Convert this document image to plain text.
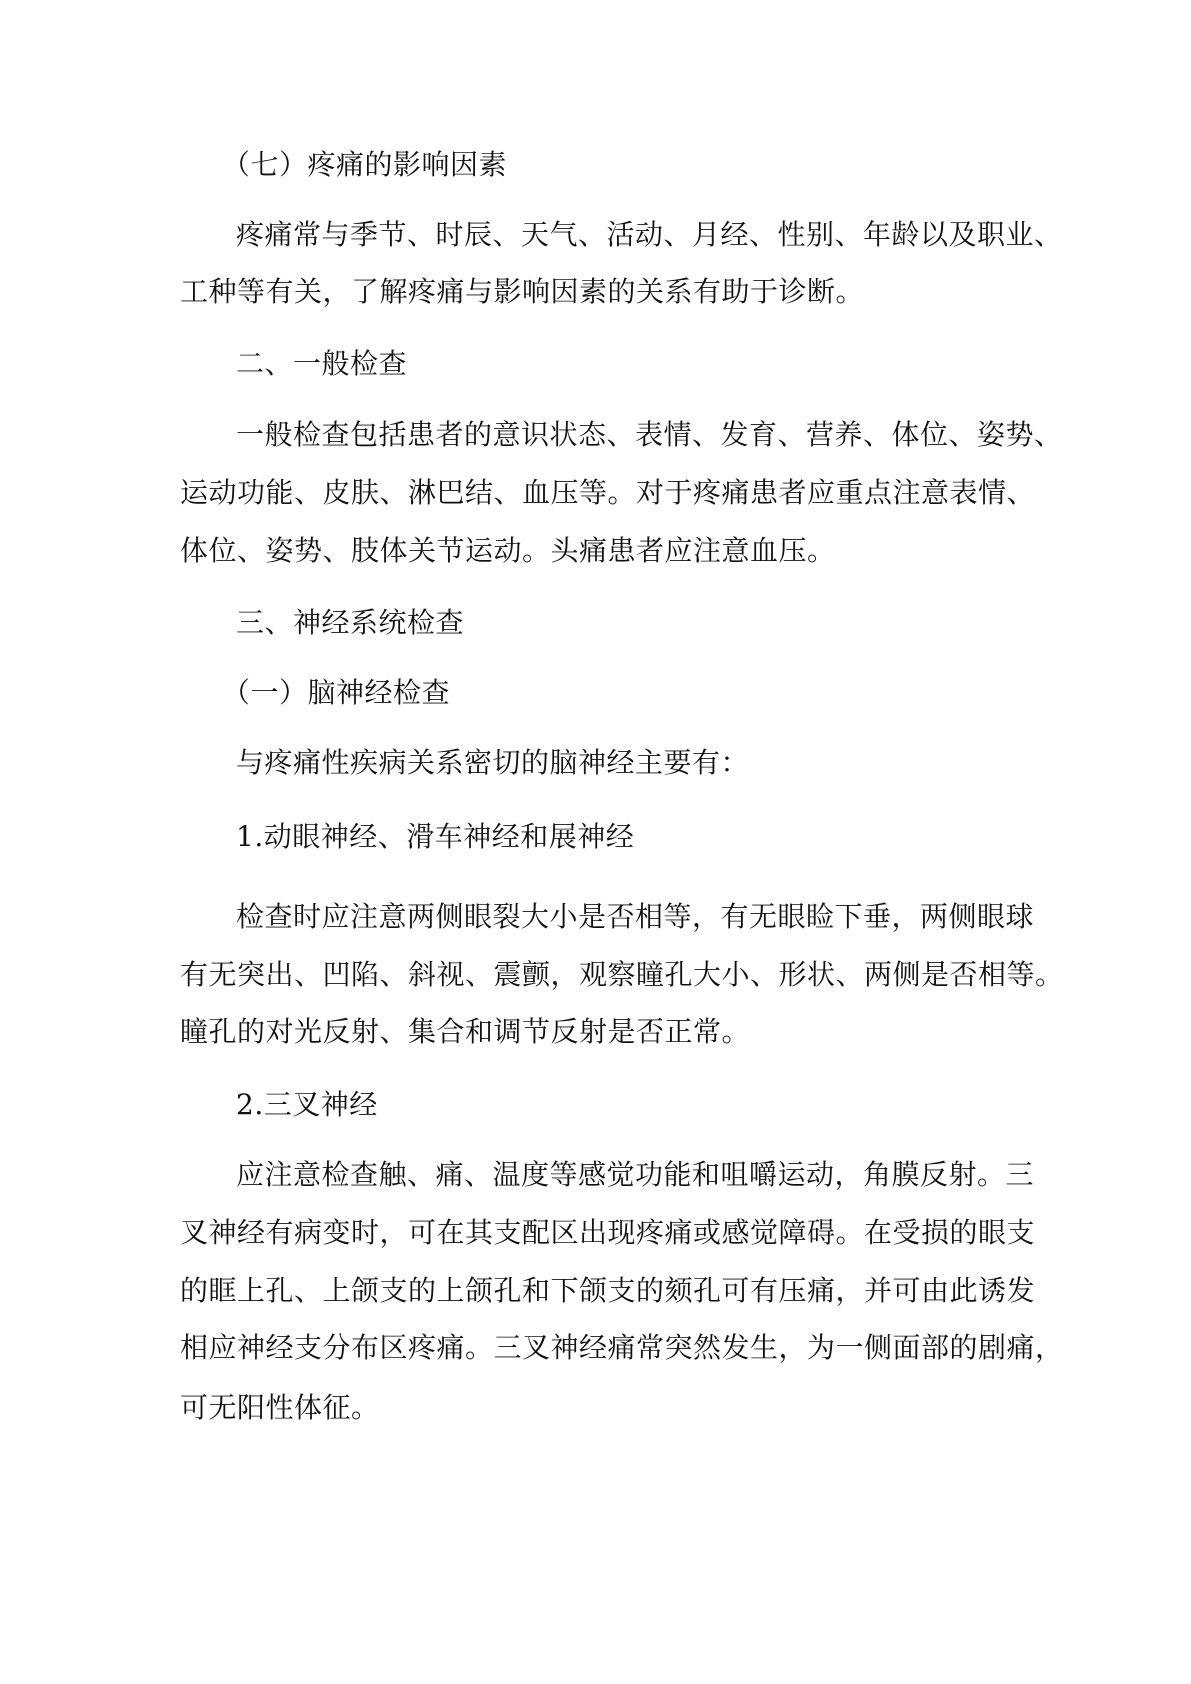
（七）疼痛的影响因素
疼痛常与季节、时辰、天气、活动、月经、性别、年龄以及职业、
工种等有关，了解疼痛与影响因素的关系有助于诊断。
二、一般检查
一般检查包括患者的意识状态、表情、发育、营养、体位、姿势、
运动功能、皮肤、淋巴结、血压等。对于疼痛患者应重点注意表情、
体位、姿势、肢体关节运动。头痛患者应注意血压。
三、神经系统检查
（一）脑神经检查
与疼痛性疾病关系密切的脑神经主要有：
1.动眼神经、滑车神经和展神经
检查时应注意两侧眼裂大小是否相等，有无眼睑下垂，两侧眼球
有无突出、凹陷、斜视、震颤，观察瞳孔大小、形状、两侧是否相等。
瞳孔的对光反射、集合和调节反射是否正常。
2.三叉神经
应注意检查触、痛、温度等感觉功能和咀嚼运动，角膜反射。三
叉神经有病变时，可在其支配区出现疼痛或感觉障碍。在受损的眼支
的眶上孔、上颌支的上颌孔和下颌支的颏孔可有压痛，并可由此诱发
相应神经支分布区疼痛。三叉神经痛常突然发生，为一侧面部的剧痛，
可无阳性体征。
